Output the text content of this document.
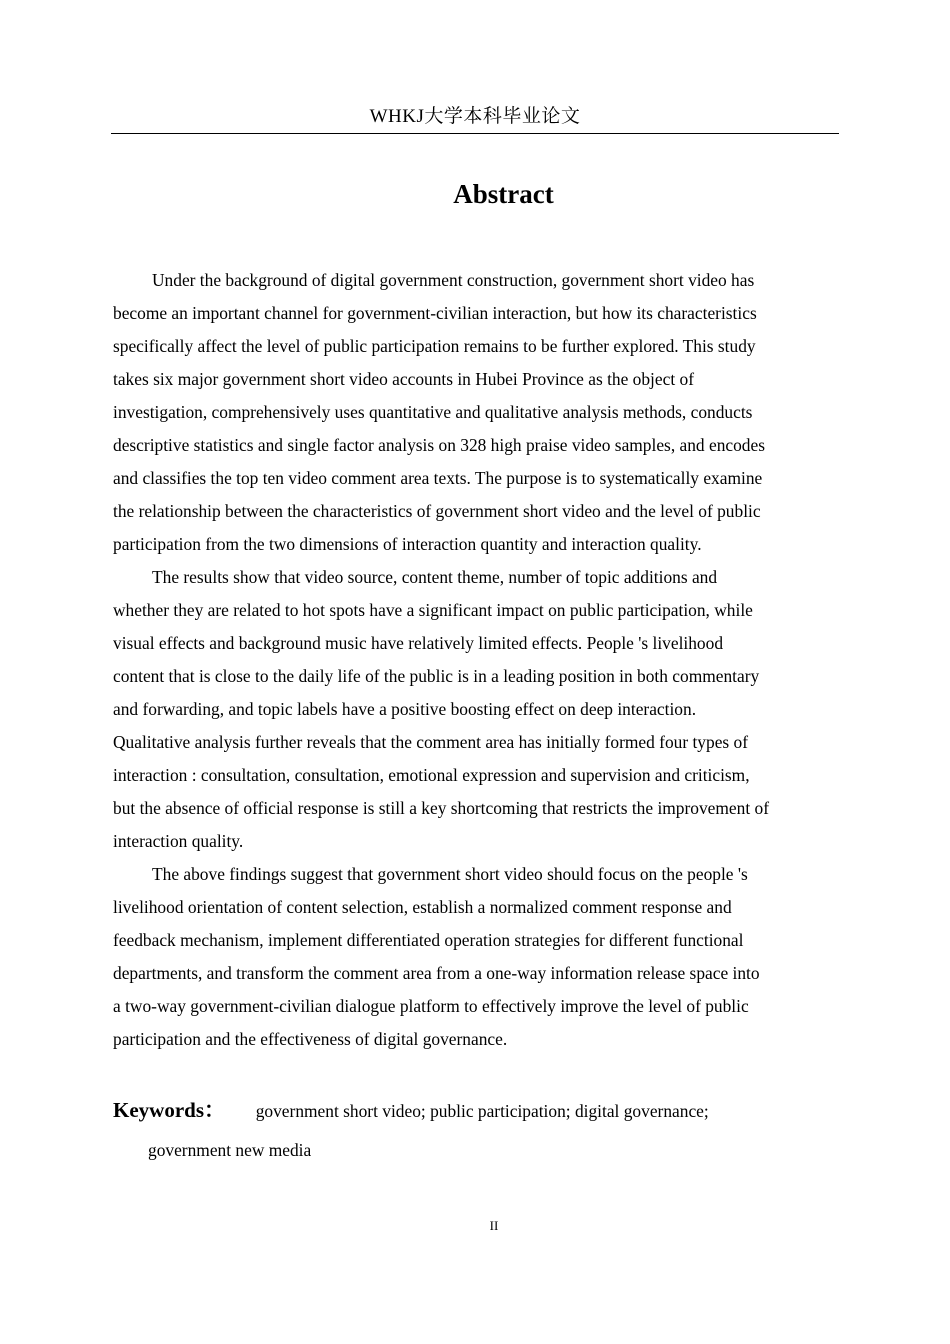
WHKJ大学本科毕业论文
Abstract

Under the background of digital government construction, government short video has
become an important channel for government-civilian interaction, but how its characteristics
specifically affect the level of public participation remains to be further explored. This study
takes six major government short video accounts in Hubei Province as the object of
investigation, comprehensively uses quantitative and qualitative analysis methods, conducts
descriptive statistics and single factor analysis on 328 high praise video samples, and encodes
and classifies the top ten video comment area texts. The purpose is to systematically examine
the relationship between the characteristics of government short video and the level of public
participation from the two dimensions of interaction quantity and interaction quality.

The results show that video source, content theme, number of topic additions and
whether they are related to hot spots have a significant impact on public participation, while
visual effects and background music have relatively limited effects. People 's livelihood
content that is close to the daily life of the public is in a leading position in both commentary
and forwarding, and topic labels have a positive boosting effect on deep interaction.
Qualitative analysis further reveals that the comment area has initially formed four types of
interaction : consultation, consultation, emotional expression and supervision and criticism,
but the absence of official response is still a key shortcoming that restricts the improvement of
interaction quality.

The above findings suggest that government short video should focus on the people 's
livelihood orientation of content selection, establish a normalized comment response and
feedback mechanism, implement differentiated operation strategies for different functional
departments, and transform the comment area from a one-way information release space into
a two-way government-civilian dialogue platform to effectively improve the level of public
participation and the effectiveness of digital governance.

Keywords： government short video; public participation; digital governance;
government new media
II
